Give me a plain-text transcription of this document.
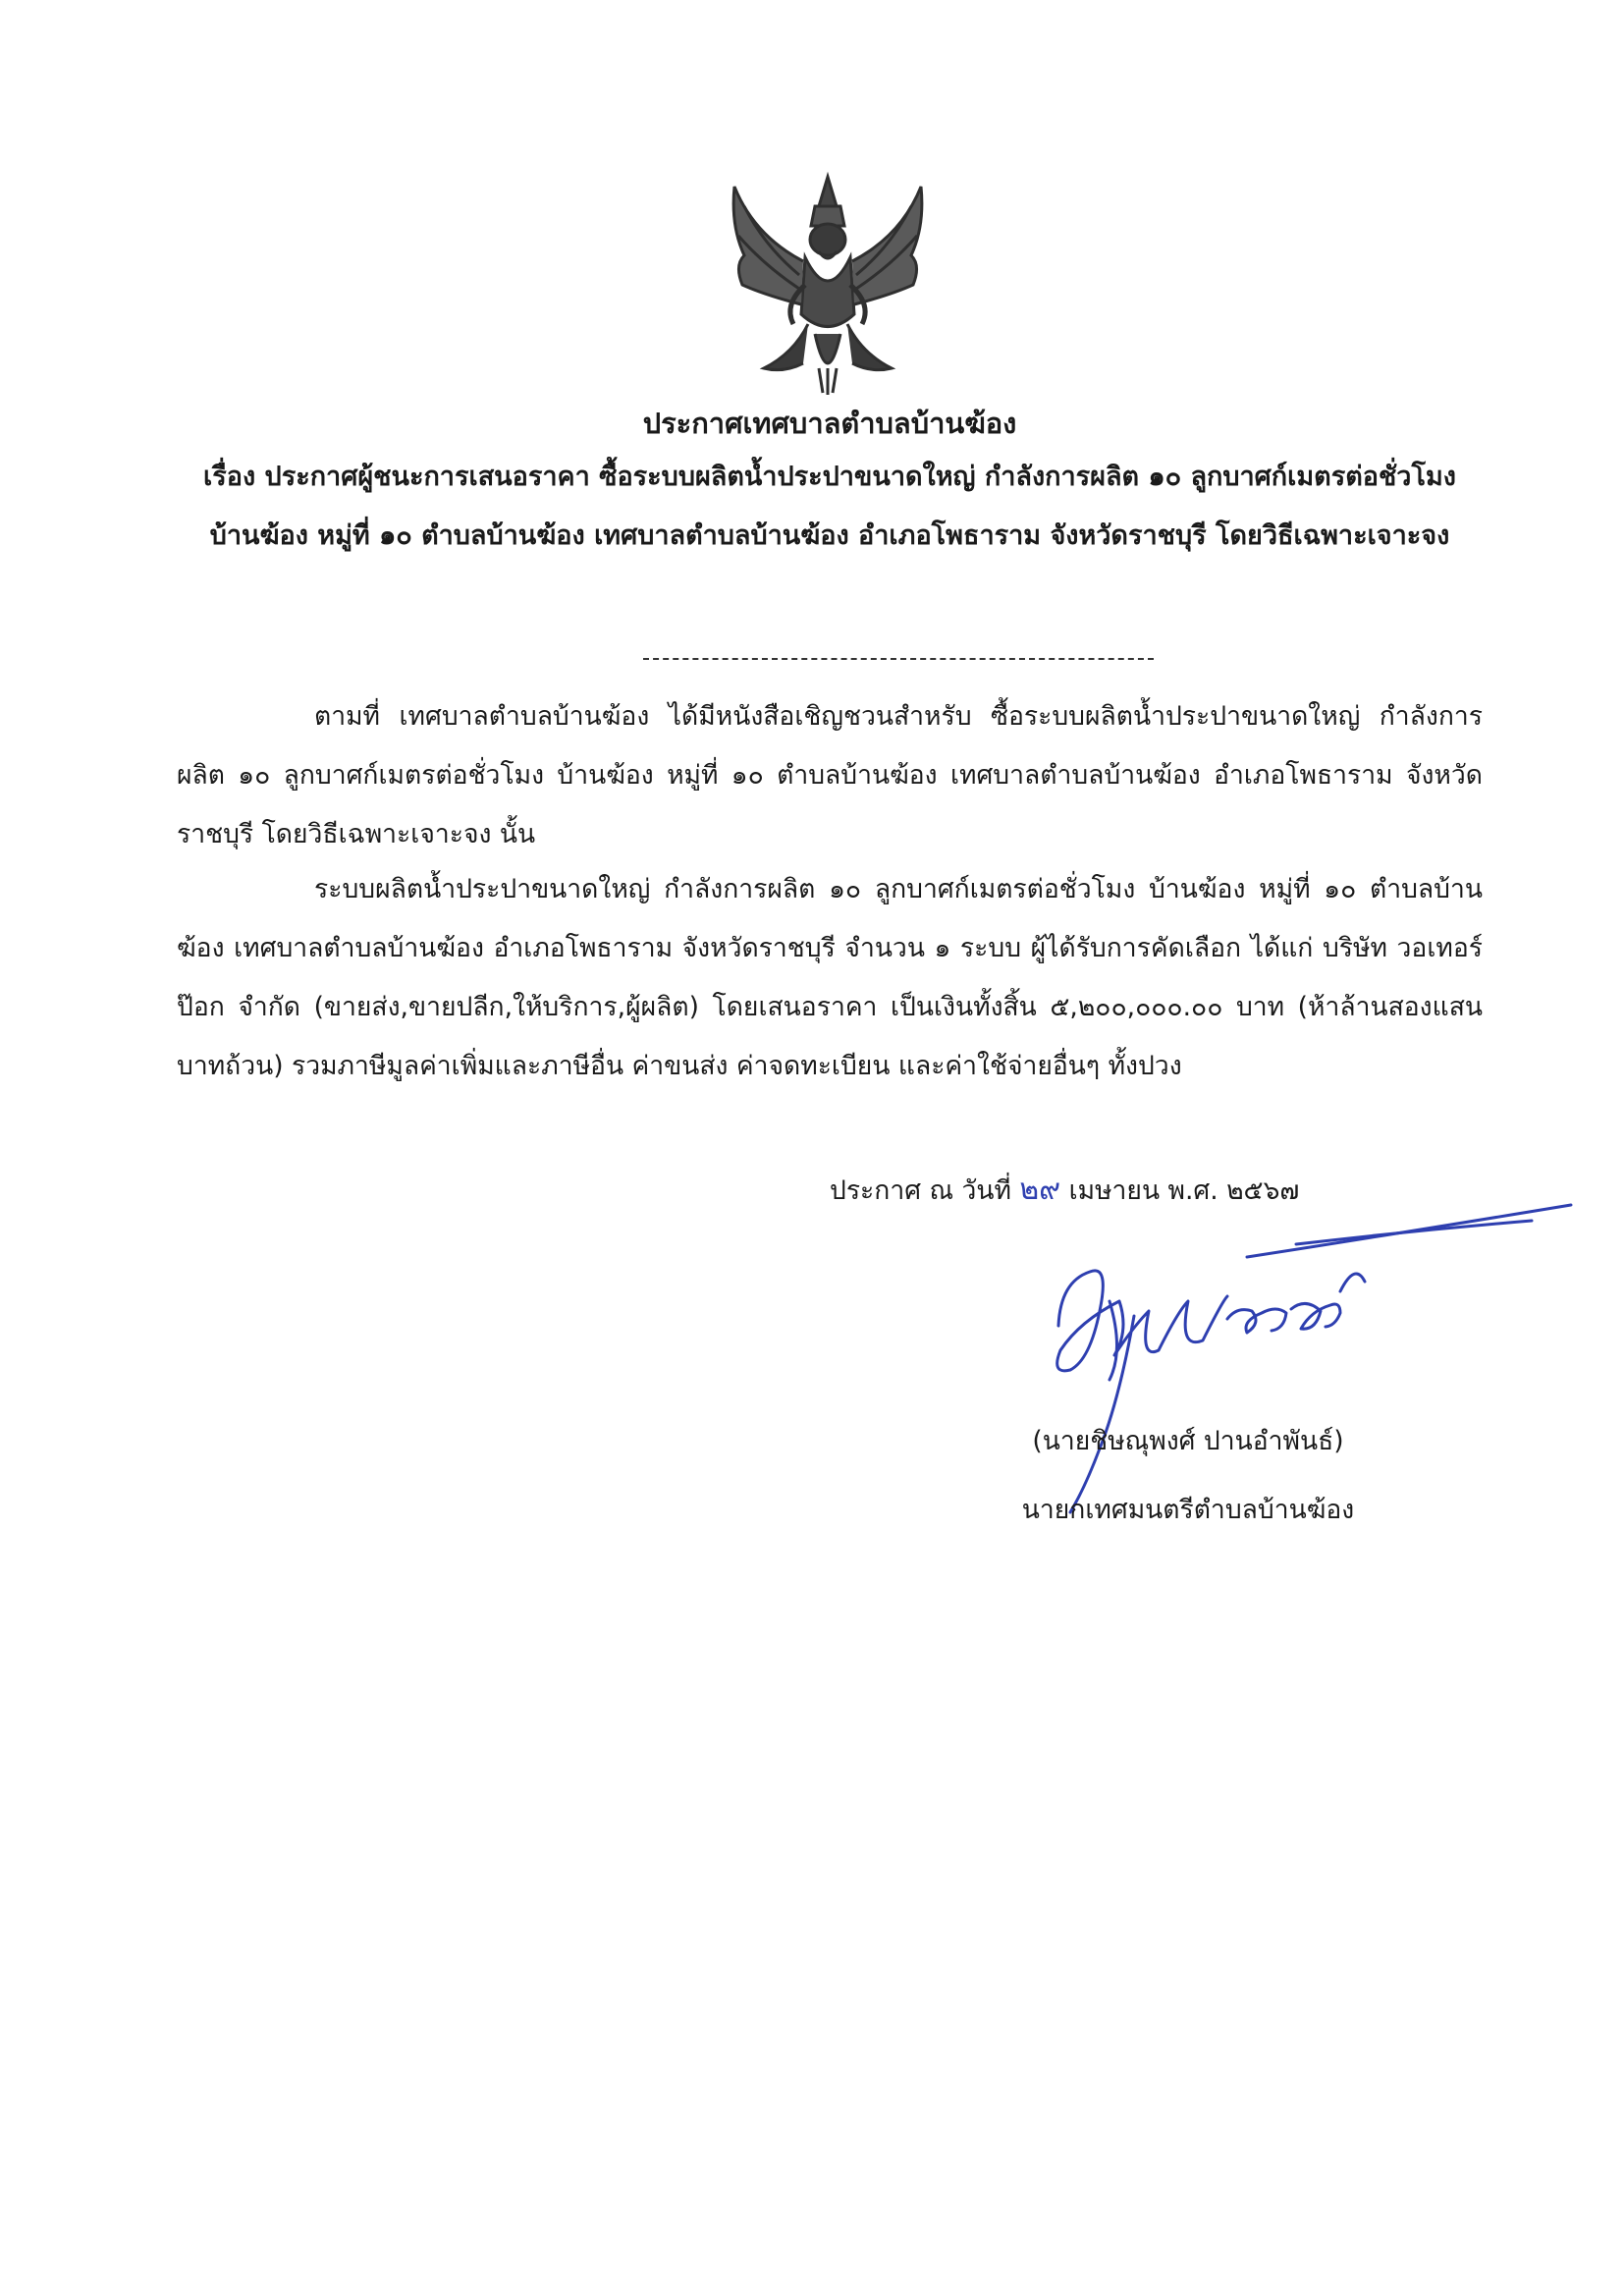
ประกาศเทศบาลตำบลบ้านฆ้อง
เรื่อง ประกาศผู้ชนะการเสนอราคา ซื้อระบบผลิตน้ำประปาขนาดใหญ่ กำลังการผลิต ๑๐ ลูกบาศก์เมตรต่อชั่วโมง บ้านฆ้อง หมู่ที่ ๑๐ ตำบลบ้านฆ้อง เทศบาลตำบลบ้านฆ้อง อำเภอโพธาราม จังหวัดราชบุรี โดยวิธีเฉพาะเจาะจง
ตามที่ เทศบาลตำบลบ้านฆ้อง ได้มีหนังสือเชิญชวนสำหรับ ซื้อระบบผลิตน้ำประปาขนาดใหญ่ กำลังการผลิต ๑๐ ลูกบาศก์เมตรต่อชั่วโมง บ้านฆ้อง หมู่ที่ ๑๐ ตำบลบ้านฆ้อง เทศบาลตำบลบ้านฆ้อง อำเภอโพธาราม จังหวัดราชบุรี โดยวิธีเฉพาะเจาะจง นั้น
ระบบผลิตน้ำประปาขนาดใหญ่ กำลังการผลิต ๑๐ ลูกบาศก์เมตรต่อชั่วโมง บ้านฆ้อง หมู่ที่ ๑๐ ตำบลบ้านฆ้อง เทศบาลตำบลบ้านฆ้อง อำเภอโพธาราม จังหวัดราชบุรี จำนวน ๑ ระบบ ผู้ได้รับการคัดเลือก ได้แก่ บริษัท วอเทอร์ป๊อก จำกัด (ขายส่ง,ขายปลีก,ให้บริการ,ผู้ผลิต) โดยเสนอราคา เป็นเงินทั้งสิ้น ๕,๒๐๐,๐๐๐.๐๐ บาท (ห้าล้านสองแสนบาทถ้วน) รวมภาษีมูลค่าเพิ่มและภาษีอื่น ค่าขนส่ง ค่าจดทะเบียน และค่าใช้จ่ายอื่นๆ ทั้งปวง
ประกาศ ณ วันที่ ๒๙ เมษายน พ.ศ. ๒๕๖๗
(นายชิษณุพงศ์ ปานอำพันธ์)
นายกเทศมนตรีตำบลบ้านฆ้อง
